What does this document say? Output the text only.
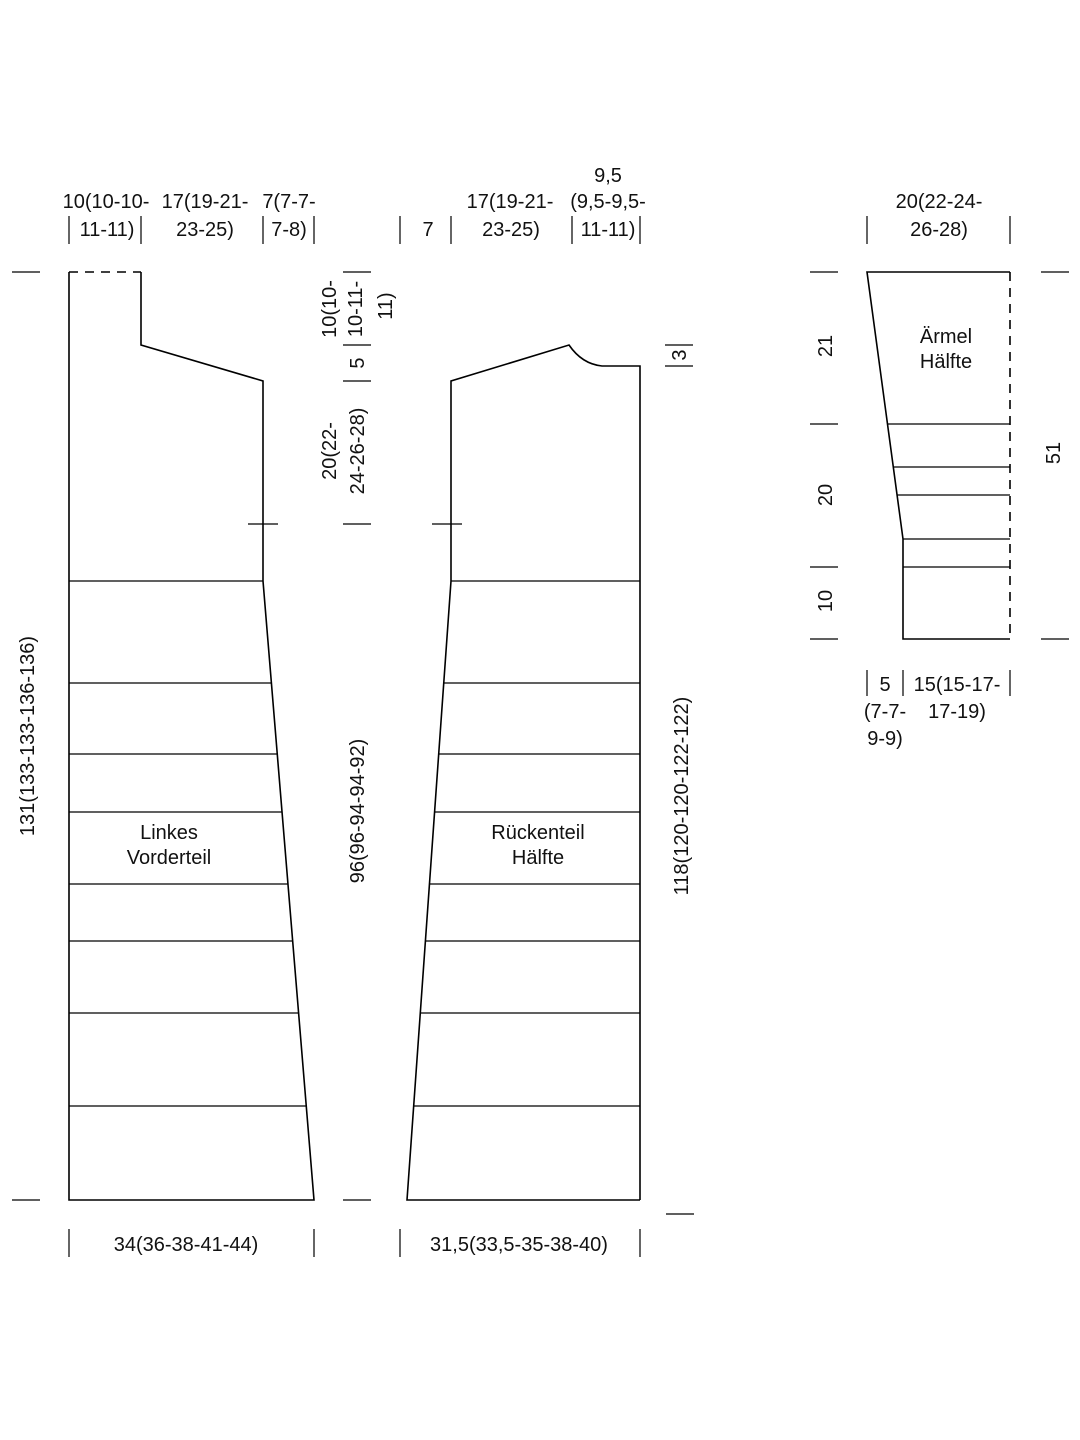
Linkes
Vorderteil
10(10-10-
11-11)
17(19-21-
23-25)
7(7-7-
7-8)
131(133-133-136-136)
10(10- 10-11- 11)
5
20(22- 24-26-28)
96(96-94-94-92)
34(36-38-41-44)
Rückenteil
Hälfte
7
17(19-21-
23-25)
9,5
(9,5-9,5-
11-11)
3
118(120-120-122-122)
31,5(33,5-35-38-40)
Ärmel
Hälfte
20(22-24-
26-28)
21
20
10
51
5
(7-7-
9-9)
15(15-17-
17-19)
